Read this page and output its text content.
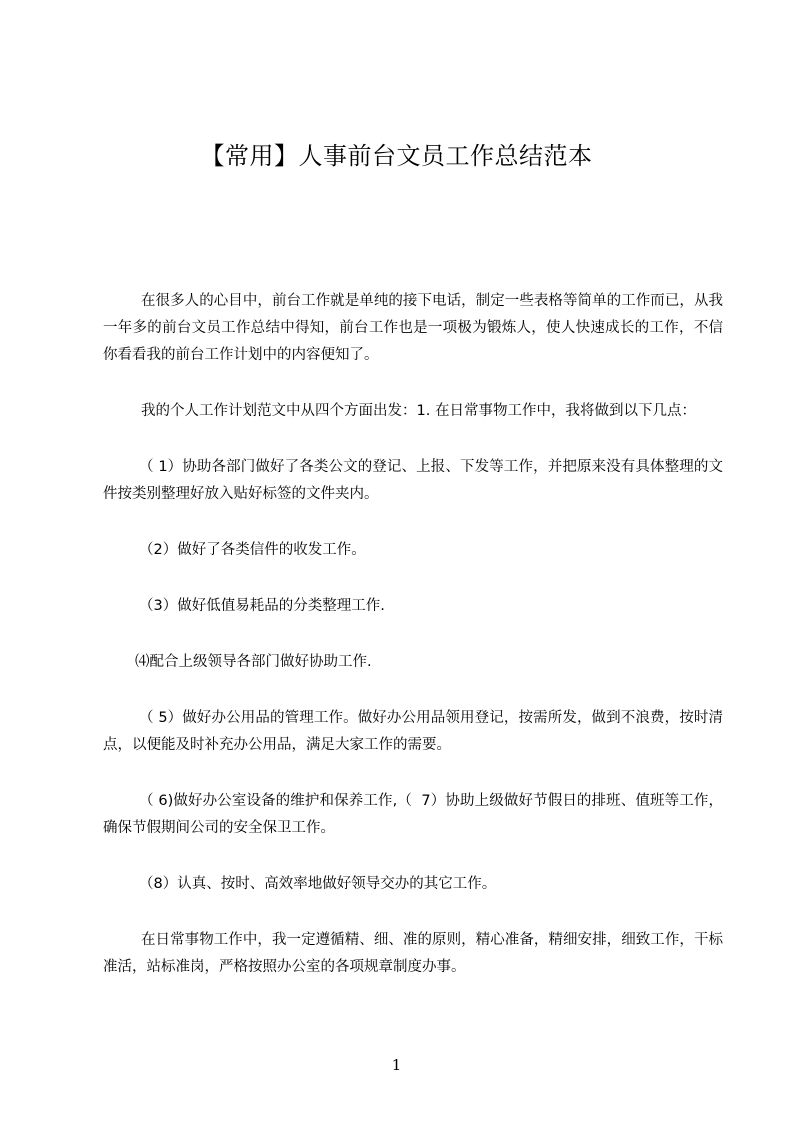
【常用】人事前台文员工作总结范本

在很多人的心目中，前台工作就是单纯的接下电话，制定一些表格等简单的工作而已，从我一年多的前台文员工作总结中得知，前台工作也是一项极为锻炼人，使人快速成长的工作，不信你看看我的前台工作计划中的内容便知了。

我的个人工作计划范文中从四个方面出发：1. 在日常事物工作中，我将做到以下几点：

（ 1）协助各部门做好了各类公文的登记、上报、下发等工作，并把原来没有具体整理的文件按类别整理好放入贴好标签的文件夹内。

（2）做好了各类信件的收发工作。

（3）做好低值易耗品的分类整理工作.

⑷配合上级领导各部门做好协助工作.

（ 5）做好办公用品的管理工作。做好办公用品领用登记，按需所发，做到不浪费，按时清点，以便能及时补充办公用品，满足大家工作的需要。

（ 6)做好办公室设备的维护和保养工作,（  7）协助上级做好节假日的排班、值班等工作，确保节假期间公司的安全保卫工作。

（8）认真、按时、高效率地做好领导交办的其它工作。

在日常事物工作中，我一定遵循精、细、准的原则，精心准备，精细安排，细致工作，干标准活，站标准岗，严格按照办公室的各项规章制度办事。

1
